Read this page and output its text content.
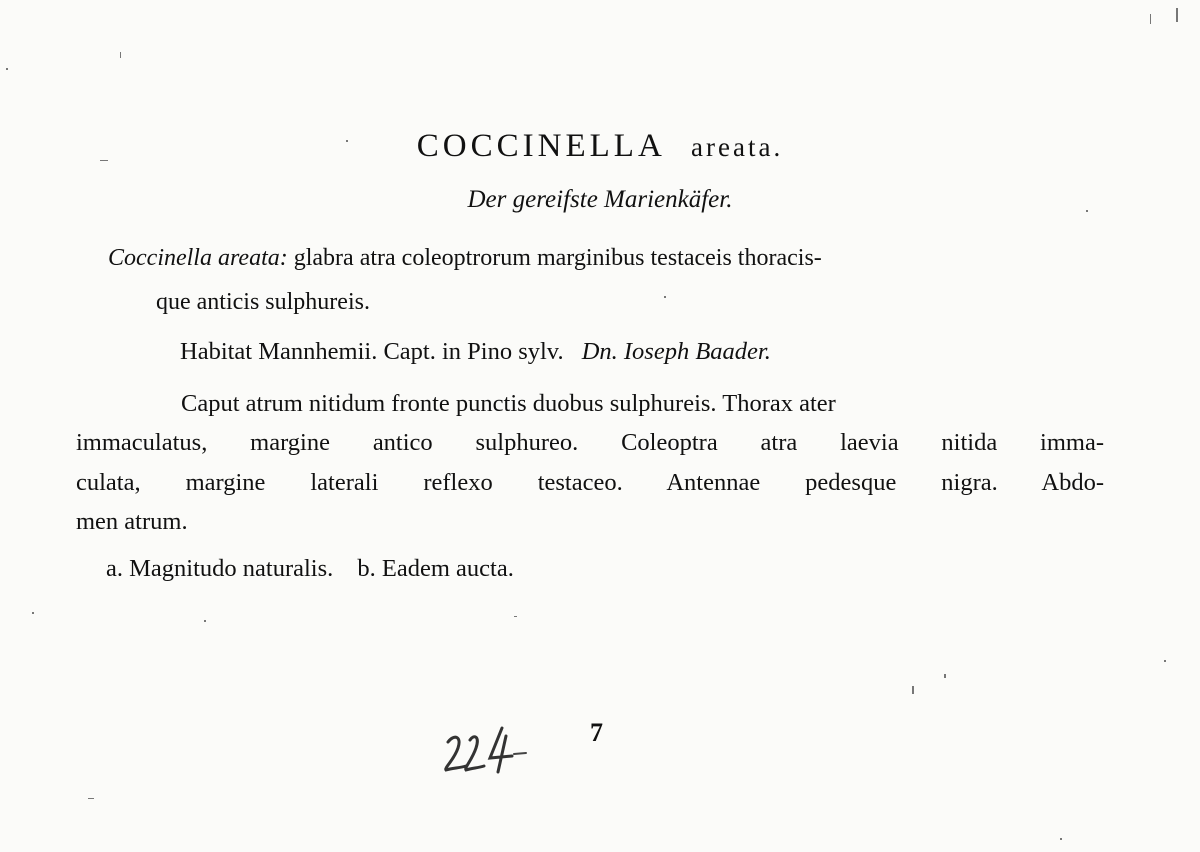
COCCINELLA areata.
Der gereifste Marienkäfer.
Coccinella areata: glabra atra coleoptrorum marginibus testaceis thoracis-
que anticis sulphureis.
Habitat Mannhemii. Capt. in Pino sylv. Dn. Ioseph Baader.
Caput atrum nitidum fronte punctis duobus sulphureis. Thorax ater
immaculatus, margine antico sulphureo. Coleoptra atra laevia nitida imma-
culata, margine laterali reflexo testaceo. Antennae pedesque nigra. Abdo-
men atrum.
a. Magnitudo naturalis. b. Eadem aucta.
7
